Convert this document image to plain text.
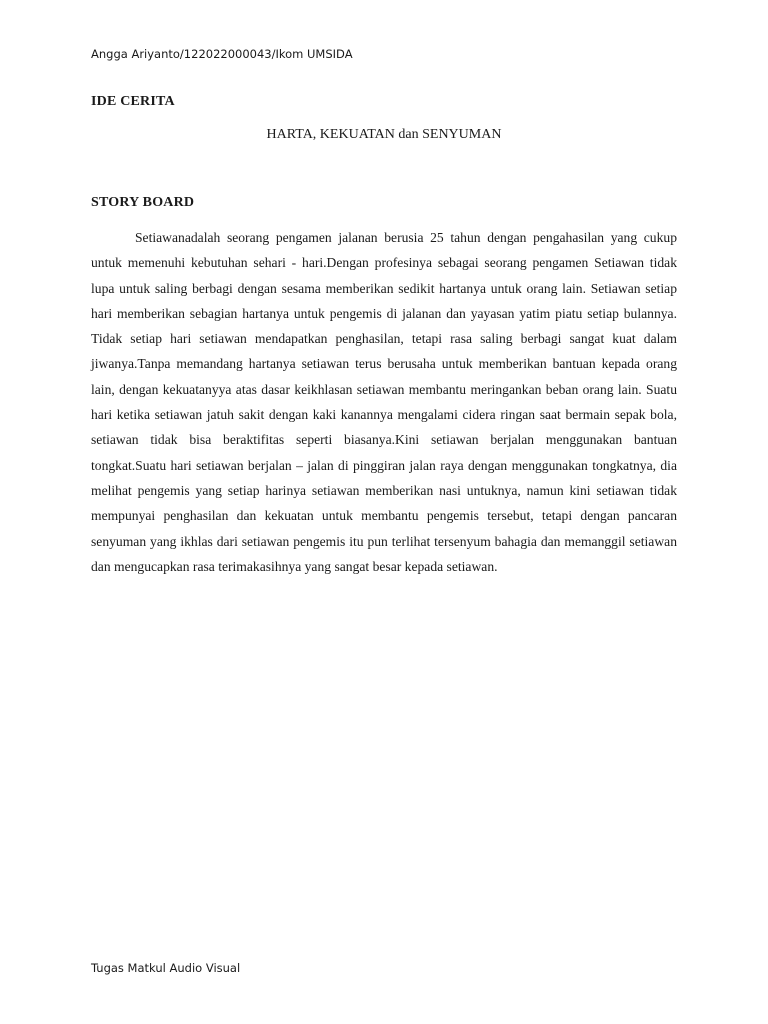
Angga Ariyanto/122022000043/Ikom UMSIDA
IDE CERITA
HARTA, KEKUATAN dan SENYUMAN
STORY BOARD

Setiawanadalah seorang pengamen jalanan berusia 25 tahun dengan pengahasilan yang cukup untuk memenuhi kebutuhan sehari - hari.Dengan profesinya sebagai seorang pengamen Setiawan tidak lupa untuk saling berbagi dengan sesama memberikan sedikit hartanya untuk orang lain. Setiawan setiap hari memberikan sebagian hartanya untuk pengemis di jalanan dan yayasan yatim piatu setiap bulannya. Tidak setiap hari setiawan mendapatkan penghasilan, tetapi rasa saling berbagi sangat kuat dalam jiwanya.Tanpa memandang hartanya setiawan terus berusaha untuk memberikan bantuan kepada orang lain, dengan kekuatanyya atas dasar keikhlasan setiawan membantu meringankan beban orang lain. Suatu hari ketika setiawan jatuh sakit dengan kaki kanannya mengalami cidera ringan saat bermain sepak bola, setiawan tidak bisa beraktifitas seperti biasanya.Kini setiawan berjalan menggunakan bantuan tongkat.Suatu hari setiawan berjalan – jalan di pinggiran jalan raya dengan menggunakan tongkatnya, dia melihat pengemis yang setiap harinya setiawan memberikan nasi untuknya, namun kini setiawan tidak mempunyai penghasilan dan kekuatan untuk membantu pengemis tersebut, tetapi dengan pancaran senyuman yang ikhlas dari setiawan pengemis itu pun terlihat tersenyum bahagia dan memanggil setiawan dan mengucapkan rasa terimakasihnya yang sangat besar kepada setiawan.

Tugas Matkul Audio Visual
